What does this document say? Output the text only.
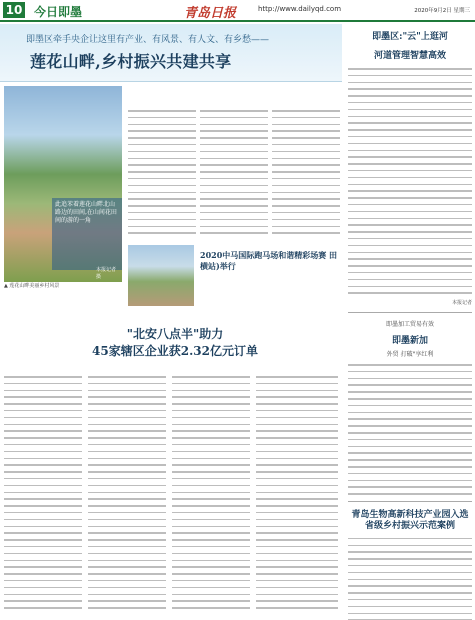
10 今日即墨	青岛日报	http://www.dailyqd.com	2020年9月2日 星期三
即墨区牵手央企让这里有产业、有风景、有人文、有乡愁——
莲花山畔,乡村振兴共建共享
此追苯着莲花山畔北山路边的田间,在山间花田间的游的一角
本报记者 摄
▲ 莲花山畔美丽乡村风景
2020中马国际跑马场和谐精彩场赛 田横站)举行
"北安八点半"助力
45家辖区企业获2.32亿元订单
即墨区:"云"上逛河
河道管理智慧高效
本报记者
即墨加工贸易有效
即墨新加
外贸 打破"享红利
青岛生物高新科技产业园入选省级乡村振兴示范案例
